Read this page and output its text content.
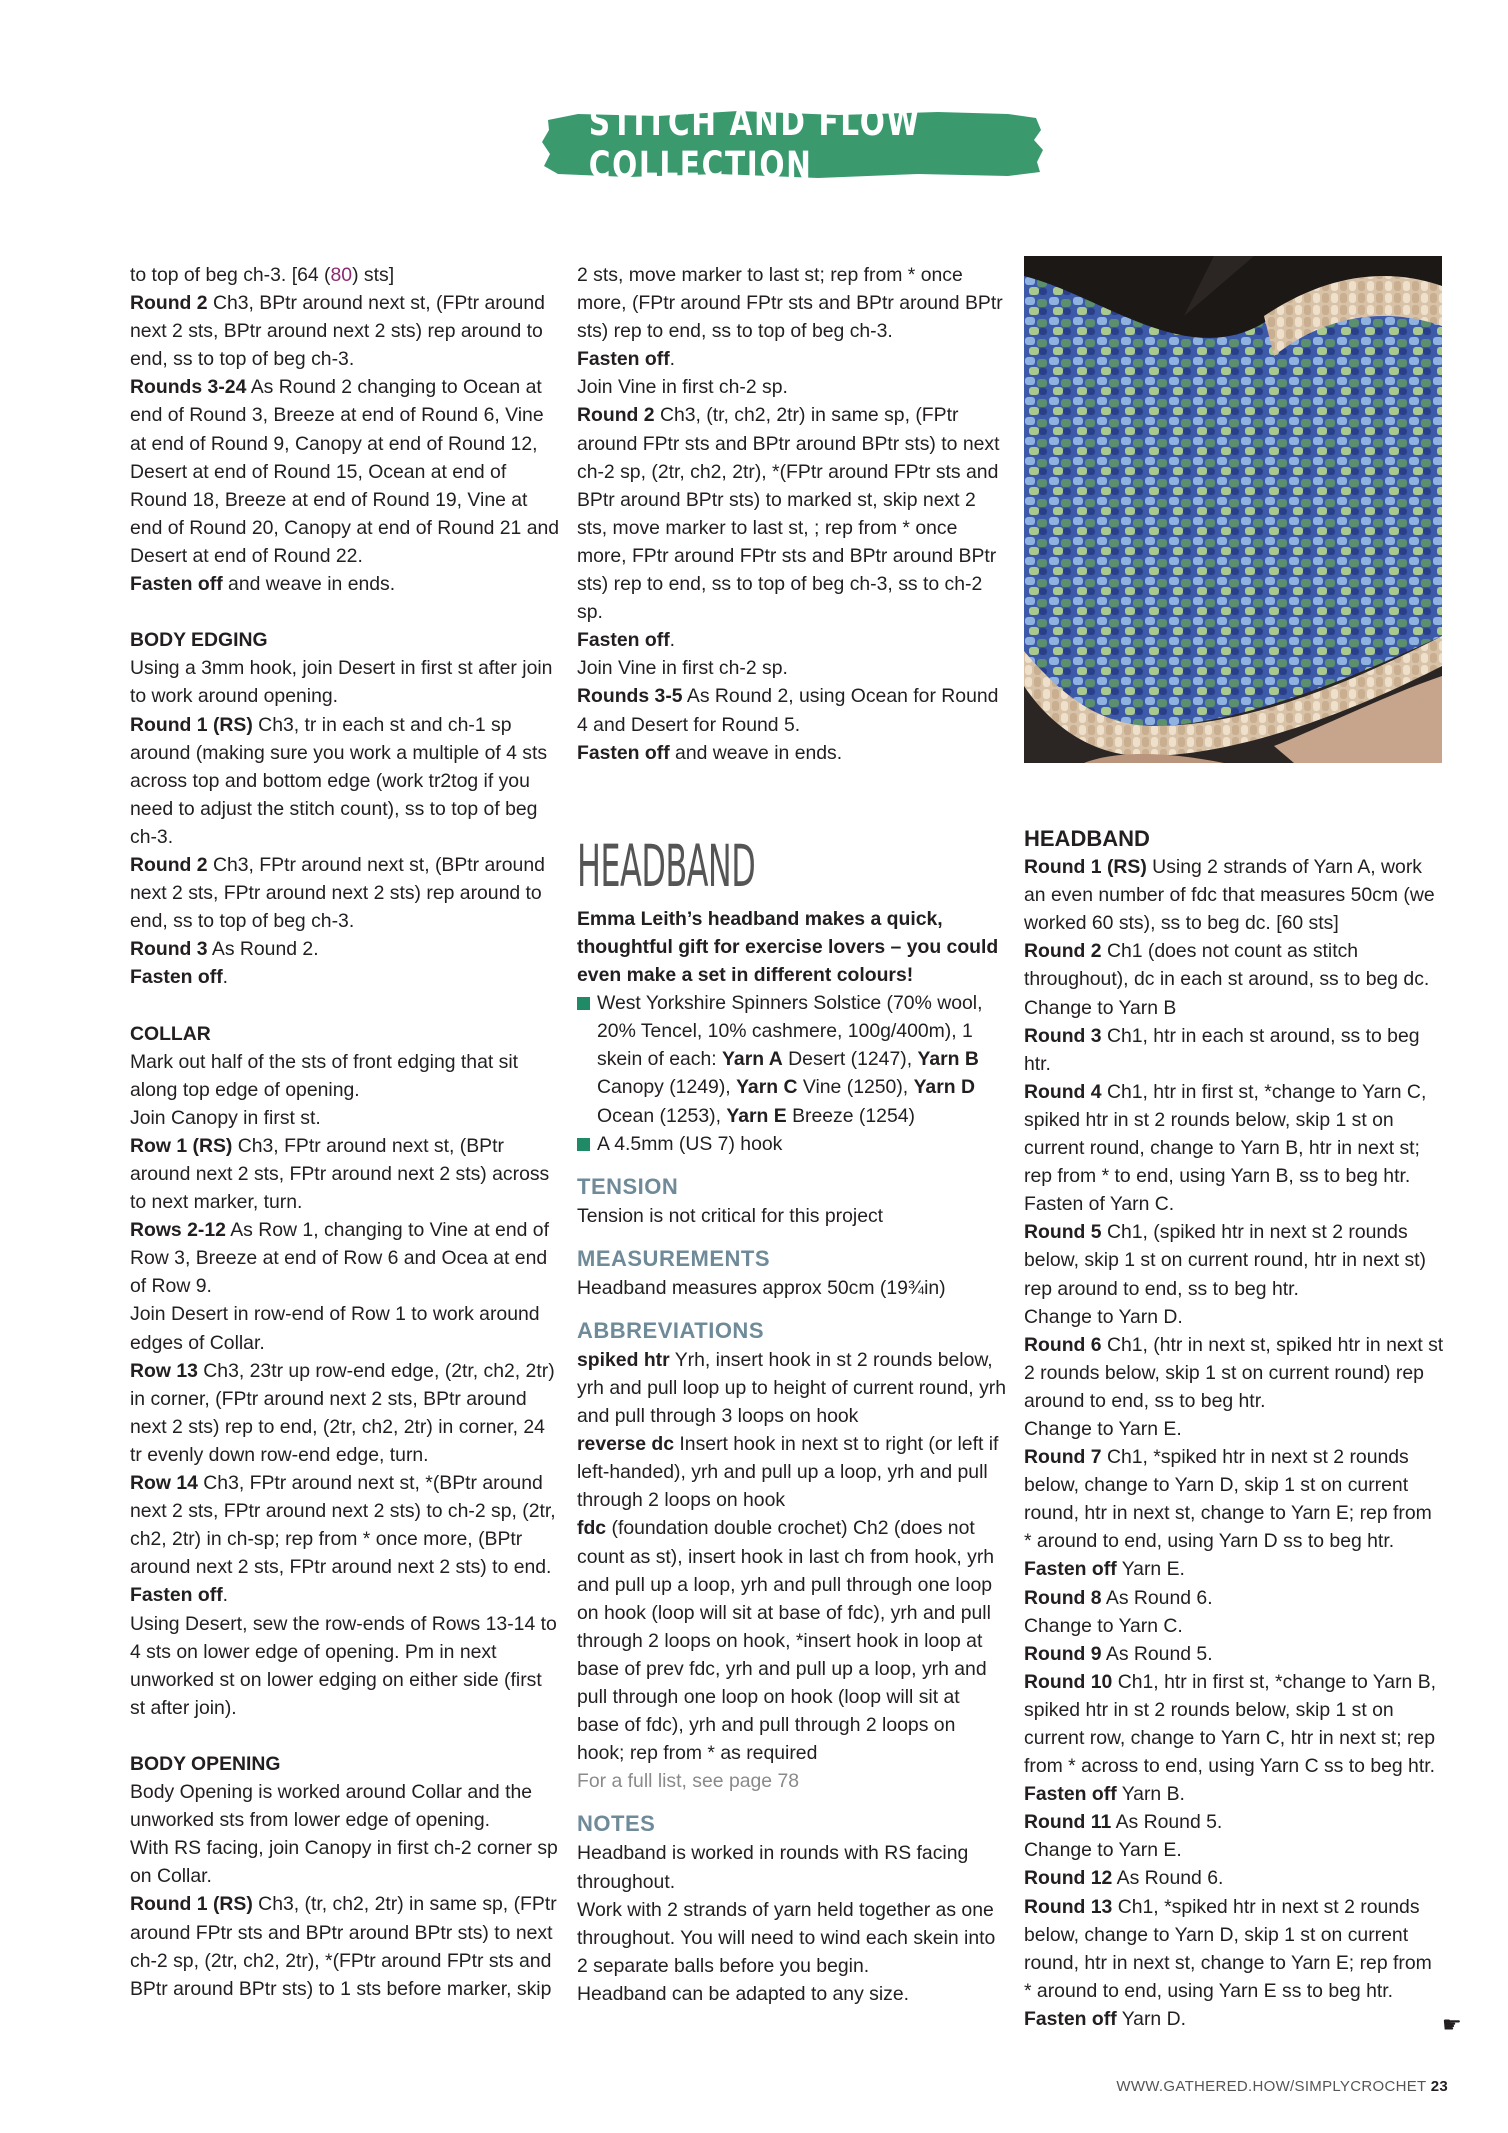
STITCH AND FLOW COLLECTION

to top of beg ch-3. [64 (80) sts]

Round 2 Ch3, BPtr around next st, (FPtr around next 2 sts, BPtr around next 2 sts) rep around to end, ss to top of beg ch-3.

Rounds 3-24 As Round 2 changing to Ocean at end of Round 3, Breeze at end of Round 6, Vine at end of Round 9, Canopy at end of Round 12, Desert at end of Round 15, Ocean at end of Round 18, Breeze at end of Round 19, Vine at end of Round 20, Canopy at end of Round 21 and Desert at end of Round 22.

Fasten off and weave in ends.

BODY EDGING

Using a 3mm hook, join Desert in first st after join to work around opening.

Round 1 (RS) Ch3, tr in each st and ch-1 sp around (making sure you work a multiple of 4 sts across top and bottom edge (work tr2tog if you need to adjust the stitch count), ss to top of beg ch-3.

Round 2 Ch3, FPtr around next st, (BPtr around next 2 sts, FPtr around next 2 sts) rep around to end, ss to top of beg ch-3.

Round 3 As Round 2.

Fasten off.

COLLAR

Mark out half of the sts of front edging that sit along top edge of opening.

Join Canopy in first st.

Row 1 (RS) Ch3, FPtr around next st, (BPtr around next 2 sts, FPtr around next 2 sts) across to next marker, turn.

Rows 2-12 As Row 1, changing to Vine at end of Row 3, Breeze at end of Row 6 and Ocea at end of Row 9.

Join Desert in row-end of Row 1 to work around edges of Collar.

Row 13 Ch3, 23tr up row-end edge, (2tr, ch2, 2tr) in corner, (FPtr around next 2 sts, BPtr around next 2 sts) rep to end, (2tr, ch2, 2tr) in corner, 24 tr evenly down row-end edge, turn.

Row 14 Ch3, FPtr around next st, *(BPtr around next 2 sts, FPtr around next 2 sts) to ch-2 sp, (2tr, ch2, 2tr) in ch-sp; rep from * once more, (BPtr around next 2 sts, FPtr around next 2 sts) to end.

Fasten off.

Using Desert, sew the row-ends of Rows 13-14 to 4 sts on lower edge of opening. Pm in next unworked st on lower edging on either side (first st after join).

BODY OPENING

Body Opening is worked around Collar and the unworked sts from lower edge of opening.

With RS facing, join Canopy in first ch-2 corner sp on Collar.

Round 1 (RS) Ch3, (tr, ch2, 2tr) in same sp, (FPtr around FPtr sts and BPtr around BPtr sts) to next ch-2 sp, (2tr, ch2, 2tr), *(FPtr around FPtr sts and BPtr around BPtr sts) to 1 sts before marker, skip

2 sts, move marker to last st; rep from * once more, (FPtr around FPtr sts and BPtr around BPtr sts) rep to end, ss to top of beg ch-3.

Fasten off.

Join Vine in first ch-2 sp.

Round 2 Ch3, (tr, ch2, 2tr) in same sp, (FPtr around FPtr sts and BPtr around BPtr sts) to next ch-2 sp, (2tr, ch2, 2tr), *(FPtr around FPtr sts and BPtr around BPtr sts) to marked st, skip next 2 sts, move marker to last st, ; rep from * once more, FPtr around FPtr sts and BPtr around BPtr sts) rep to end, ss to top of beg ch-3, ss to ch-2 sp.

Fasten off.

Join Vine in first ch-2 sp.

Rounds 3-5 As Round 2, using Ocean for Round 4 and Desert for Round 5.

Fasten off and weave in ends.

HEADBAND

Emma Leith’s headband makes a quick, thoughtful gift for exercise lovers – you could even make a set in different colours!

West Yorkshire Spinners Solstice (70% wool, 20% Tencel, 10% cashmere, 100g/400m), 1 skein of each: Yarn A Desert (1247), Yarn B Canopy (1249), Yarn C Vine (1250), Yarn D Ocean (1253), Yarn E Breeze (1254)

A 4.5mm (US 7) hook

TENSION

Tension is not critical for this project

MEASUREMENTS

Headband measures approx 50cm (19¾in)

ABBREVIATIONS

spiked htr Yrh, insert hook in st 2 rounds below, yrh and pull loop up to height of current round, yrh and pull through 3 loops on hook

reverse dc Insert hook in next st to right (or left if left-handed), yrh and pull up a loop, yrh and pull through 2 loops on hook

fdc (foundation double crochet) Ch2 (does not count as st), insert hook in last ch from hook, yrh and pull up a loop, yrh and pull through one loop on hook (loop will sit at base of fdc), yrh and pull through 2 loops on hook, *insert hook in loop at base of prev fdc, yrh and pull up a loop, yrh and pull through one loop on hook (loop will sit at base of fdc), yrh and pull through 2 loops on hook; rep from * as required

For a full list, see page 78

NOTES

Headband is worked in rounds with RS facing throughout.

Work with 2 strands of yarn held together as one throughout. You will need to wind each skein into 2 separate balls before you begin.

Headband can be adapted to any size.

HEADBAND

Round 1 (RS) Using 2 strands of Yarn A, work an even number of fdc that measures 50cm (we worked 60 sts), ss to beg dc. [60 sts]

Round 2 Ch1 (does not count as stitch throughout), dc in each st around, ss to beg dc.

Change to Yarn B

Round 3 Ch1, htr in each st around, ss to beg htr.

Round 4 Ch1, htr in first st, *change to Yarn C, spiked htr in st 2 rounds below, skip 1 st on current round, change to Yarn B, htr in next st; rep from * to end, using Yarn B, ss to beg htr.

Fasten of Yarn C.

Round 5 Ch1, (spiked htr in next st 2 rounds below, skip 1 st on current round, htr in next st) rep around to end, ss to beg htr.

Change to Yarn D.

Round 6 Ch1, (htr in next st, spiked htr in next st 2 rounds below, skip 1 st on current round) rep around to end, ss to beg htr.

Change to Yarn E.

Round 7 Ch1, *spiked htr in next st 2 rounds below, change to Yarn D, skip 1 st on current round, htr in next st, change to Yarn E; rep from * around to end, using Yarn D ss to beg htr.

Fasten off Yarn E.

Round 8 As Round 6.

Change to Yarn C.

Round 9 As Round 5.

Round 10 Ch1, htr in first st, *change to Yarn B, spiked htr in st 2 rounds below, skip 1 st on current row, change to Yarn C, htr in next st; rep from * across to end, using Yarn C ss to beg htr.

Fasten off Yarn B.

Round 11 As Round 5.

Change to Yarn E.

Round 12 As Round 6.

Round 13 Ch1, *spiked htr in next st 2 rounds below, change to Yarn D, skip 1 st on current round, htr in next st, change to Yarn E; rep from * around to end, using Yarn E ss to beg htr.

Fasten off Yarn D.	☛
WWW.GATHERED.HOW/SIMPLYCROCHET 23
